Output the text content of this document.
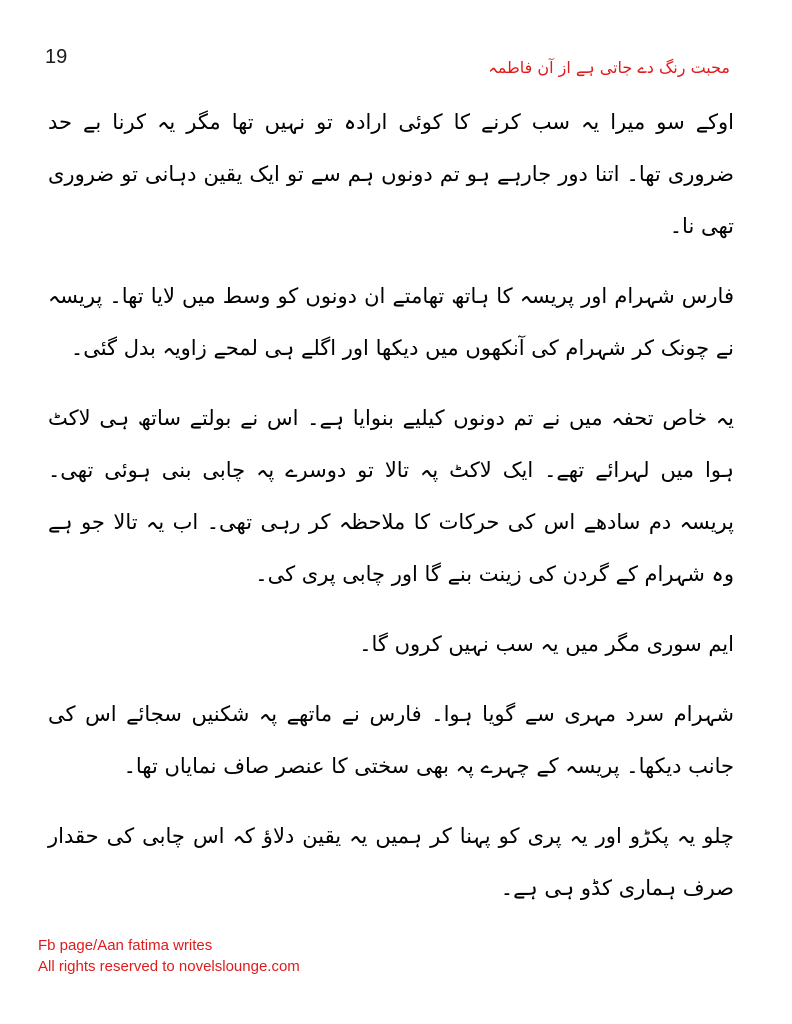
19	محبت رنگ دے جاتی ہے از آن فاطمہ

اوکے سو میرا یہ سب کرنے کا کوئی ارادہ تو نہیں تھا مگر یہ کرنا بے حد ضروری تھا۔ اتنا دور جارہے ہو تم دونوں ہم سے تو ایک یقین دہانی تو ضروری تھی نا۔

فارس شہرام اور پریسہ کا ہاتھ تھامتے ان دونوں کو وسط میں لایا تھا۔ پریسہ نے چونک کر شہرام کی آنکھوں میں دیکھا اور اگلے ہی لمحے زاویہ بدل گئی۔

یہ خاص تحفہ میں نے تم دونوں کیلیے بنوایا ہے۔ اس نے بولتے ساتھ ہی لاکٹ ہوا میں لہرائے تھے۔ ایک لاکٹ پہ تالا تو دوسرے پہ چابی بنی ہوئی تھی۔ پریسہ دم سادھے اس کی حرکات کا ملاحظہ کر رہی تھی۔ اب یہ تالا جو ہے وہ شہرام کے گردن کی زینت بنے گا اور چابی پری کی۔

ایم سوری مگر میں یہ سب نہیں کروں گا۔

شہرام سرد مہری سے گویا ہوا۔ فارس نے ماتھے پہ شکنیں سجائے اس کی جانب دیکھا۔ پریسہ کے چہرے پہ بھی سختی کا عنصر صاف نمایاں تھا۔

چلو یہ پکڑو اور یہ پری کو پہنا کر ہمیں یہ یقین دلاؤ کہ اس چابی کی حقدار صرف ہماری کڈو ہی ہے۔

Fb page/Aan fatima writes
All rights reserved to novelslounge.com
